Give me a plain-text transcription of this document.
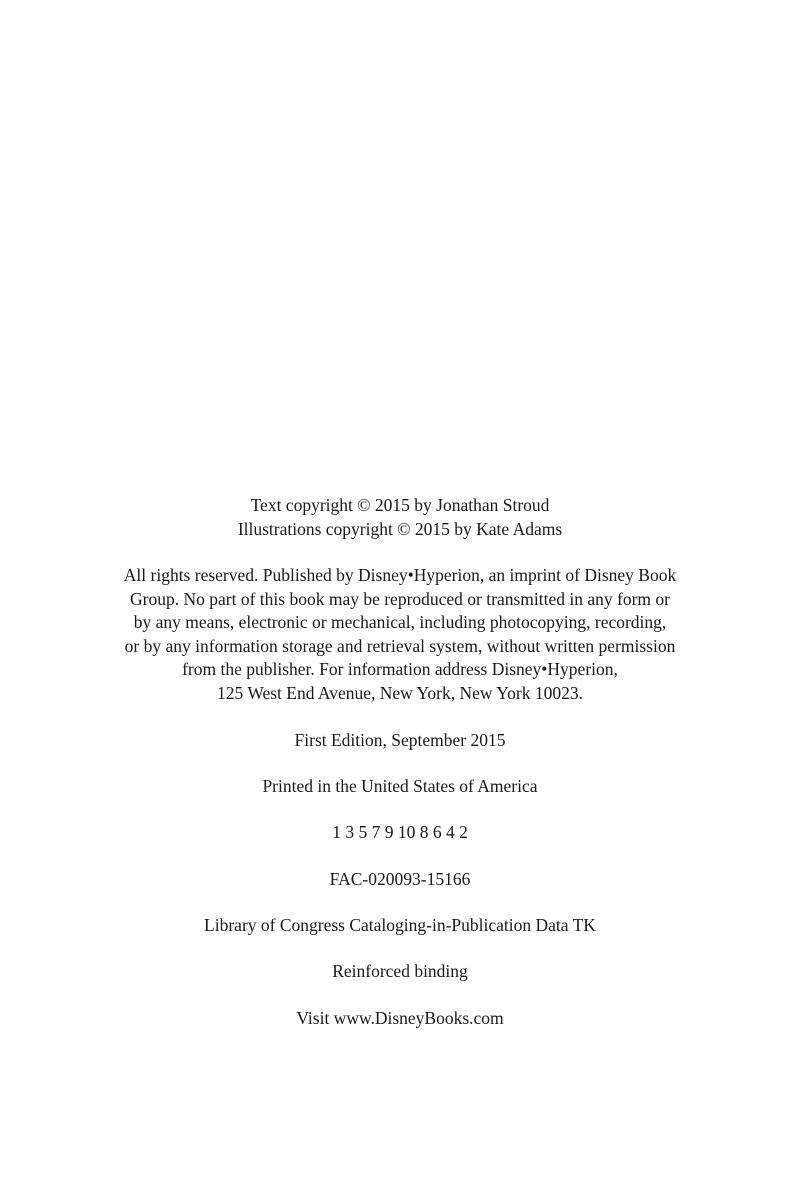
Text copyright © 2015 by Jonathan Stroud
Illustrations copyright © 2015 by Kate Adams
All rights reserved. Published by Disney•Hyperion, an imprint of Disney Book
Group. No part of this book may be reproduced or transmitted in any form or
by any means, electronic or mechanical, including photocopying, recording,
or by any information storage and retrieval system, without written permission
from the publisher. For information address Disney•Hyperion,
125 West End Avenue, New York, New York 10023.
First Edition, September 2015
Printed in the United States of America
1 3 5 7 9 10 8 6 4 2
FAC-020093-15166
Library of Congress Cataloging-in-Publication Data TK
Reinforced binding
Visit www.DisneyBooks.com
